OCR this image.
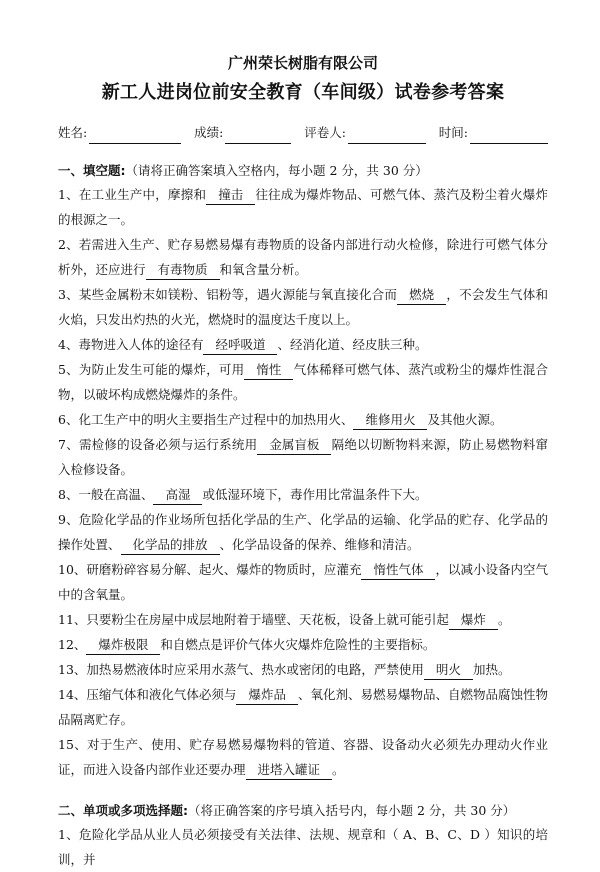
广州荣长树脂有限公司
新工人进岗位前安全教育（车间级）试卷参考答案
姓名:	成绩:	评卷人:	时间:
一、填空题:（请将正确答案填入空格内，每小题 2 分，共 30 分）

1、在工业生产中，摩擦和 撞击 往往成为爆炸物品、可燃气体、蒸汽及粉尘着火爆炸的根源之一。

2、若需进入生产、贮存易燃易爆有毒物质的设备内部进行动火检修，除进行可燃气体分析外，还应进行 有毒物质 和氧含量分析。

3、某些金属粉末如镁粉、铝粉等，遇火源能与氧直接化合而 燃烧 ，不会发生气体和火焰，只发出灼热的火光，燃烧时的温度达千度以上。

4、毒物进入人体的途径有 经呼吸道 、经消化道、经皮肤三种。

5、为防止发生可能的爆炸，可用 惰性 气体稀释可燃气体、蒸汽或粉尘的爆炸性混合物，以破坏构成燃烧爆炸的条件。

6、化工生产中的明火主要指生产过程中的加热用火、 维修用火 及其他火源。

7、需检修的设备必须与运行系统用 金属盲板 隔绝以切断物料来源，防止易燃物料窜入检修设备。

8、一般在高温、 高湿 或低湿环境下，毒作用比常温条件下大。

9、危险化学品的作业场所包括化学品的生产、化学品的运输、化学品的贮存、化学品的操作处置、 化学品的排放 、化学品设备的保养、维修和清洁。

10、研磨粉碎容易分解、起火、爆炸的物质时，应灌充 惰性气体 ，以减小设备内空气中的含氧量。

11、只要粉尘在房屋中成层地附着于墙壁、天花板，设备上就可能引起 爆炸 。

12、 爆炸极限 和自燃点是评价气体火灾爆炸危险性的主要指标。

13、加热易燃液体时应采用水蒸气、热水或密闭的电路，严禁使用 明火 加热。

14、压缩气体和液化气体必须与 爆炸品 、氧化剂、易燃易爆物品、自燃物品腐蚀性物品隔离贮存。

15、对于生产、使用、贮存易燃易爆物料的管道、容器、设备动火必须先办理动火作业证，而进入设备内部作业还要办理 进塔入罐证 。

二、单项或多项选择题:（将正确答案的序号填入括号内，每小题 2 分，共 30 分）

1、危险化学品从业人员必须接受有关法律、法规、规章和（ A、B、C、D ）知识的培训，并
